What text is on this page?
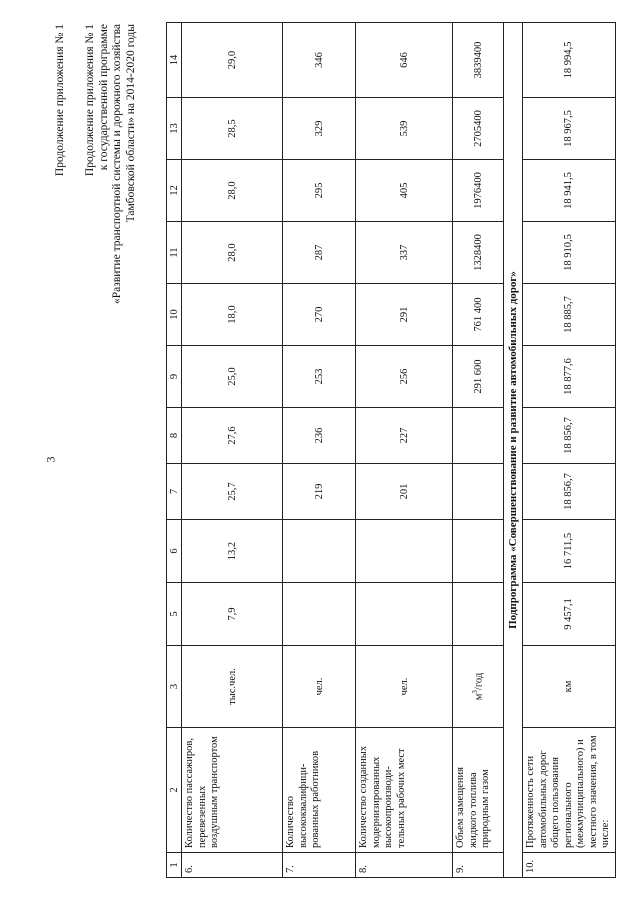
3
Продолжение приложения № 1 Продолжение приложения № 1 к государственной программе «Развитие транспортной системы и дорожного хозяйства Тамбовской области» на 2014-2020 годы
1	2	3	5	6	7	8	9	10	11	12	13	14
6.	Количество пассажиров, перевезенных воздушным транспортом	тыс.чел.	7,9	13,2	25,7	27,6	25,0	18,0	28,0	28,0	28,5	29,0
7.	Количество высококвалифици-рованных работников	чел.			219	236	253	270	287	295	329	346
8.	Количество созданных модернизированных высокопроизводи-тельных рабочих мест	чел.			201	227	256	291	337	405	539	646
9.	Объем замещения жидкого топлива природным газом	$м^3$/год					291 600	761 400	1328400	1976400	2705400	3839400
Подпрограмма «Совершенствование и развитие автомобильных дорог»												
10.	Протяженность сети автомобильных дорог общего пользования регионального (межмуниципального) и местного значения, в том числе:	км	9 457,1	16 711,5	18 856,7	18 856,7	18 877,6	18 885,7	18 910,5	18 941,5	18 967,5	18 994,5
